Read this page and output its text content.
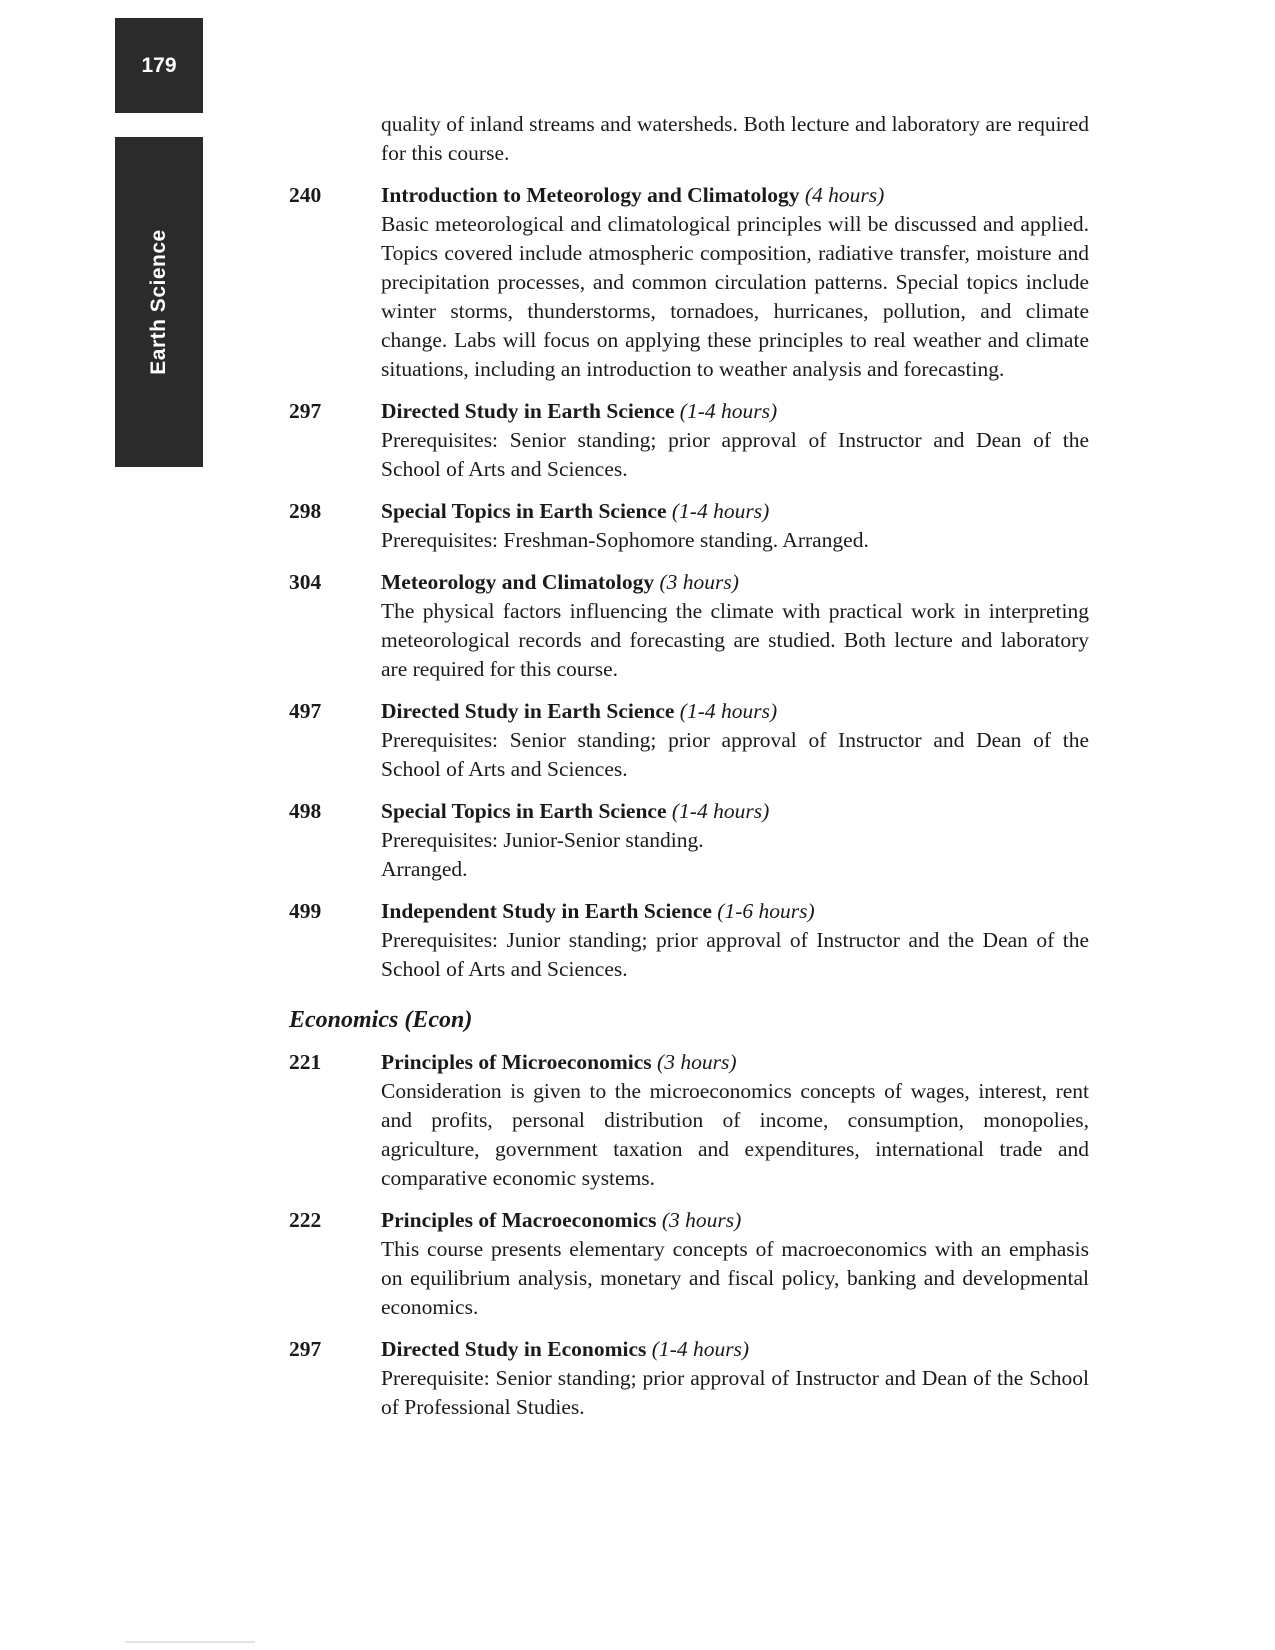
179
Earth Science
quality of inland streams and watersheds. Both lecture and laboratory are required for this course.
240	Introduction to Meteorology and Climatology (4 hours)
Basic meteorological and climatological principles will be discussed and applied. Topics covered include atmospheric composition, radiative transfer, moisture and precipitation processes, and common circulation patterns. Special topics include winter storms, thunderstorms, tornadoes, hurricanes, pollution, and climate change. Labs will focus on applying these principles to real weather and climate situations, including an introduction to weather analysis and forecasting.
297	Directed Study in Earth Science (1-4 hours)
Prerequisites: Senior standing; prior approval of Instructor and Dean of the School of Arts and Sciences.
298	Special Topics in Earth Science (1-4 hours)
Prerequisites: Freshman-Sophomore standing. Arranged.
304	Meteorology and Climatology (3 hours)
The physical factors influencing the climate with practical work in interpreting meteorological records and forecasting are studied. Both lecture and laboratory are required for this course.
497	Directed Study in Earth Science (1-4 hours)
Prerequisites: Senior standing; prior approval of Instructor and Dean of the School of Arts and Sciences.
498	Special Topics in Earth Science (1-4 hours)
Prerequisites: Junior-Senior standing.
Arranged.
499	Independent Study in Earth Science (1-6 hours)
Prerequisites: Junior standing; prior approval of Instructor and the Dean of the School of Arts and Sciences.
Economics (Econ)
221	Principles of Microeconomics (3 hours)
Consideration is given to the microeconomics concepts of wages, interest, rent and profits, personal distribution of income, consumption, monopolies, agriculture, government taxation and expenditures, international trade and comparative economic systems.
222	Principles of Macroeconomics (3 hours)
This course presents elementary concepts of macroeconomics with an emphasis on equilibrium analysis, monetary and fiscal policy, banking and developmental economics.
297	Directed Study in Economics (1-4 hours)
Prerequisite: Senior standing; prior approval of Instructor and Dean of the School of Professional Studies.
